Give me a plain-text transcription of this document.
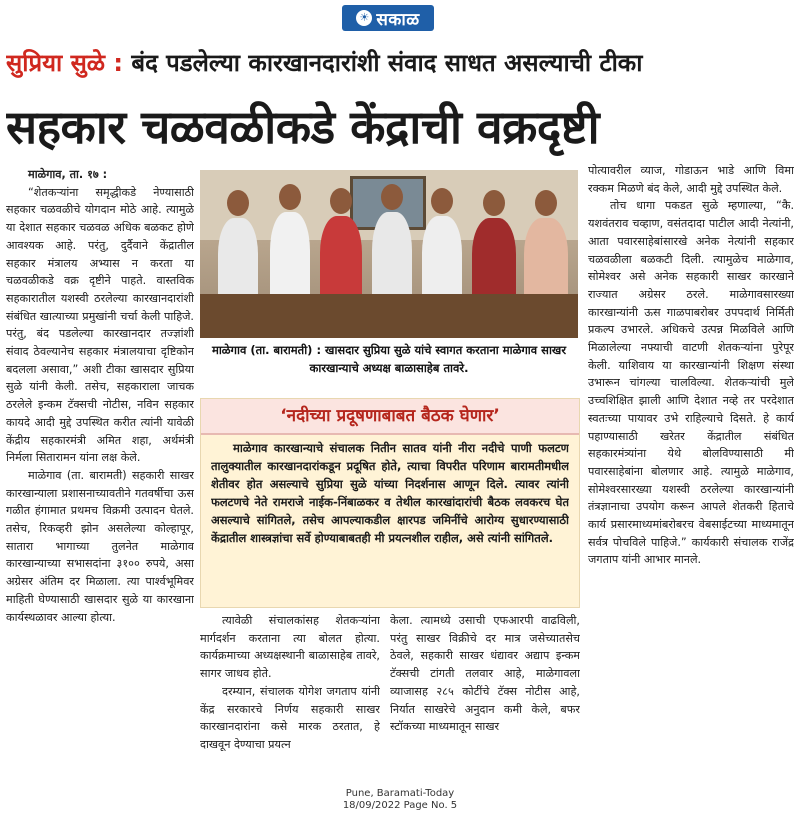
☀ सकाळ
सुप्रिया सुळे : बंद पडलेल्या कारखानदारांशी संवाद साधत असल्याची टीका
सहकार चळवळीकडे केंद्राची वक्रदृष्टी

माळेगाव, ता. १७ :

“शेतकऱ्यांना समृद्धीकडे नेण्यासाठी सहकार चळवळीचे योगदान मोठे आहे. त्यामुळे या देशात सहकार चळवळ अधिक बळकट होणे आवश्यक आहे. परंतु, दुर्दैवाने केंद्रातील सहकार मंत्रालय अभ्यास न करता या चळवळीकडे वक्र दृष्टीने पाहते. वास्तविक सहकारातील यशस्वी ठरलेल्या कारखानदारांशी संबंधित खात्याच्या प्रमुखांनी चर्चा केली पाहिजे. परंतु, बंद पडलेल्या कारखानदार तज्ज्ञांशी संवाद ठेवल्यानेच सहकार मंत्रालयाचा दृष्टिकोन बदलला असावा,” अशी टीका खासदार सुप्रिया सुळे यांनी केली. तसेच, सहकाराला जाचक ठरलेले इन्कम टॅक्सची नोटीस, नविन सहकार कायदे आदी मुद्दे उपस्थित करीत त्यांनी यावेळी केंद्रीय सहकारमंत्री अमित शहा, अर्थमंत्री निर्मला सितारामन यांना लक्ष केले.

माळेगाव (ता. बारामती) सहकारी साखर कारखान्याला प्रशासनाच्यावतीने गतवर्षीचा ऊस गळीत हंगामात प्रथमच विक्रमी उत्पादन घेतले. तसेच, रिकव्हरी झोन असलेल्या कोल्हापूर, सातारा भागाच्या तुलनेत माळेगाव कारखान्याच्या सभासदांना ३१०० रुपये, असा अग्रेसर अंतिम दर मिळाला. त्या पार्श्वभूमिवर माहिती घेण्यासाठी खासदार सुळे या कारखाना कार्यस्थळावर आल्या होत्या.

माळेगाव (ता. बारामती) : खासदार सुप्रिया सुळे यांचे स्वागत करताना माळेगाव साखर कारखान्याचे अध्यक्ष बाळासाहेब तावरे.
‘नदीच्या प्रदूषणाबाबत बैठक घेणार’
माळेगाव कारखान्याचे संचालक नितीन सातव यांनी नीरा नदीचे पाणी फलटण तालुक्यातील कारखानदारांकडून प्रदूषित होते, त्याचा विपरीत परिणाम बारामतीमधील शेतीवर होत असल्याचे सुप्रिया सुळे यांच्या निदर्शनास आणून दिले. त्यावर त्यांनी फलटणचे नेते रामराजे नाईक-निंबाळकर व तेथील कारखांदारांची बैठक लवकरच घेत असल्याचे सांगितले, तसेच आपल्याकडील क्षारपड जमिनींचे आरोग्य सुधारण्यासाठी केंद्रातील शास्त्रज्ञांचा सर्वे होण्याबाबतही मी प्रयत्नशील राहील, असे त्यांनी सांगितले.

त्यावेळी संचालकांसह शेतकऱ्यांना मार्गदर्शन करताना त्या बोलत होत्या. कार्यक्रमाच्या अध्यक्षस्थानी बाळासाहेब तावरे, सागर जाधव होते.

दरम्यान, संचालक योगेश जगताप यांनी केंद्र सरकारचे निर्णय सहकारी साखर कारखानदारांना कसे मारक ठरतात, हे दाखवून देण्याचा प्रयत्न

केला. त्यामध्ये उसाची एफआरपी वाढविली, परंतु साखर विक्रीचे दर मात्र जसेच्यातसेच ठेवले, सहकारी साखर धंद्यावर अद्याप इन्कम टॅक्सची टांगती तलवार आहे, माळेगावला व्याजासह २८५ कोटींचे टॅक्स नोटीस आहे, निर्यात साखरेचे अनुदान कमी केले, बफर स्टॉकच्या माध्यमातून साखर

पोत्यावरील व्याज, गोडाऊन भाडे आणि विमा रक्कम मिळणे बंद केले, आदी मुद्दे उपस्थित केले.

तोच धागा पकडत सुळे म्हणाल्या, “कै. यशवंतराव चव्हाण, वसंतदादा पाटील आदी नेत्यांनी, आता पवारसाहेबांसारखे अनेक नेत्यांनी सहकार चळवळीला बळकटी दिली. त्यामुळेच माळेगाव, सोमेश्वर असे अनेक सहकारी साखर कारखाने राज्यात अग्रेसर ठरले. माळेगावसारख्या कारखान्यांनी ऊस गाळपाबरोबर उपपदार्थ निर्मिती प्रकल्प उभारले. अधिकचे उत्पन्न मिळविले आणि मिळालेल्या नफ्याची वाटणी शेतकऱ्यांना पुरेपूर केली. याशिवाय या कारखान्यांनी शिक्षण संस्था उभारून चांगल्या चालविल्या. शेतकऱ्यांची मुले उच्चशिक्षित झाली आणि देशात नव्हे तर परदेशात स्वतःच्या पायावर उभे राहिल्याचे दिसते. हे कार्य पहाण्यासाठी खरेतर केंद्रातील संबंधित सहकारमंत्र्यांना येथे बोलविण्यासाठी मी पवारसाहेबांना बोलणार आहे. त्यामुळे माळेगाव, सोमेश्वरसारख्या यशस्वी ठरलेल्या कारखान्यांनी तंत्रज्ञानाचा उपयोग करून आपले शेतकरी हिताचे कार्य प्रसारमाध्यमांबरोबरच वेबसाईटच्या माध्यमातून सर्वत्र पोचविले पाहिजे.” कार्यकारी संचालक राजेंद्र जगताप यांनी आभार मानले.

Pune, Baramati-Today
18/09/2022 Page No. 5
